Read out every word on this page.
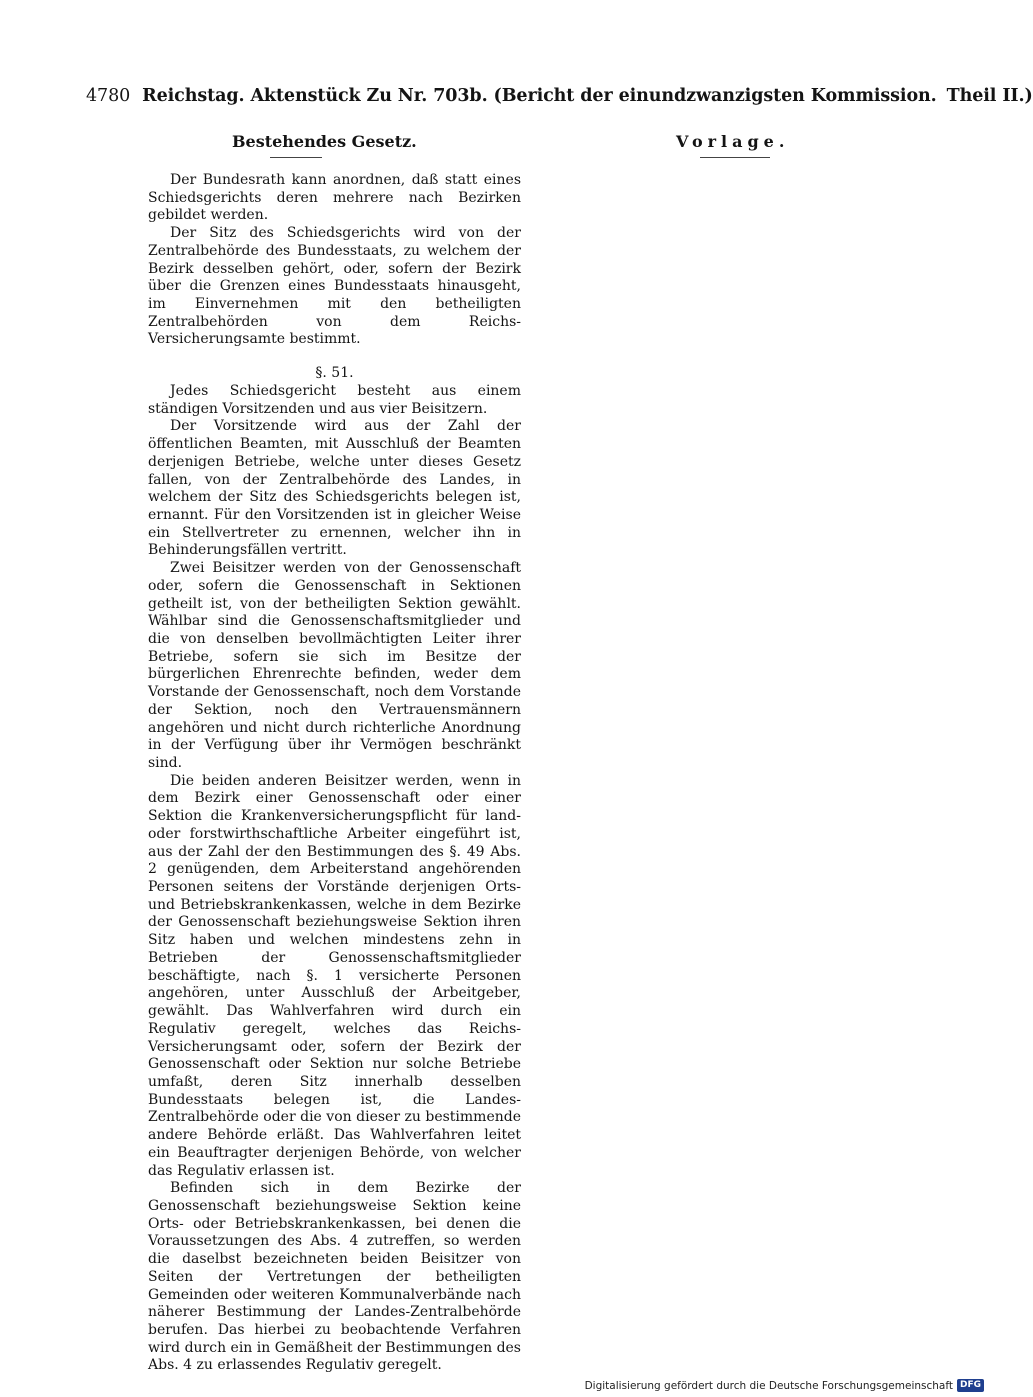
4780 Reichstag. Aktenstück Zu Nr. 703b. (Bericht der einundzwanzigsten Kommission. Theil II.)
Bestehendes Gesetz.	Vorlage.

Der Bundesrath kann anordnen, daß statt eines Schiedsgerichts deren mehrere nach Bezirken gebildet werden.

Der Sitz des Schiedsgerichts wird von der Zentralbehörde des Bundesstaats, zu welchem der Bezirk desselben gehört, oder, sofern der Bezirk über die Grenzen eines Bundesstaats hinausgeht, im Einvernehmen mit den betheiligten Zentralbehörden von dem Reichs-Versicherungsamte bestimmt.

§. 51.

Jedes Schiedsgericht besteht aus einem ständigen Vorsitzenden und aus vier Beisitzern.

Der Vorsitzende wird aus der Zahl der öffentlichen Beamten, mit Ausschluß der Beamten derjenigen Betriebe, welche unter dieses Gesetz fallen, von der Zentralbehörde des Landes, in welchem der Sitz des Schiedsgerichts belegen ist, ernannt. Für den Vorsitzenden ist in gleicher Weise ein Stellvertreter zu ernennen, welcher ihn in Behinderungsfällen vertritt.

Zwei Beisitzer werden von der Genossenschaft oder, sofern die Genossenschaft in Sektionen getheilt ist, von der betheiligten Sektion gewählt. Wählbar sind die Genossenschaftsmitglieder und die von denselben bevollmächtigten Leiter ihrer Betriebe, sofern sie sich im Besitze der bürgerlichen Ehrenrechte befinden, weder dem Vorstande der Genossenschaft, noch dem Vorstande der Sektion, noch den Vertrauensmännern angehören und nicht durch richterliche Anordnung in der Verfügung über ihr Vermögen beschränkt sind.

Die beiden anderen Beisitzer werden, wenn in dem Bezirk einer Genossenschaft oder einer Sektion die Krankenversicherungspflicht für land- oder forstwirthschaftliche Arbeiter eingeführt ist, aus der Zahl der den Bestimmungen des §. 49 Abs. 2 genügenden, dem Arbeiterstand angehörenden Personen seitens der Vorstände derjenigen Orts- und Betriebskrankenkassen, welche in dem Bezirke der Genossenschaft beziehungsweise Sektion ihren Sitz haben und welchen mindestens zehn in Betrieben der Genossenschaftsmitglieder beschäftigte, nach §. 1 versicherte Personen angehören, unter Ausschluß der Arbeitgeber, gewählt. Das Wahlverfahren wird durch ein Regulativ geregelt, welches das Reichs-Versicherungsamt oder, sofern der Bezirk der Genossenschaft oder Sektion nur solche Betriebe umfaßt, deren Sitz innerhalb desselben Bundesstaats belegen ist, die Landes-Zentralbehörde oder die von dieser zu bestimmende andere Behörde erläßt. Das Wahlverfahren leitet ein Beauftragter derjenigen Behörde, von welcher das Regulativ erlassen ist.

Befinden sich in dem Bezirke der Genossenschaft beziehungsweise Sektion keine Orts- oder Betriebskrankenkassen, bei denen die Voraussetzungen des Abs. 4 zutreffen, so werden die daselbst bezeichneten beiden Beisitzer von Seiten der Vertretungen der betheiligten Gemeinden oder weiteren Kommunalverbände nach näherer Bestimmung der Landes-Zentralbehörde berufen. Das hierbei zu beobachtende Verfahren wird durch ein in Gemäßheit der Bestimmungen des Abs. 4 zu erlassendes Regulativ geregelt.

Digitalisierung gefördert durch die Deutsche Forschungsgemeinschaft DFG
